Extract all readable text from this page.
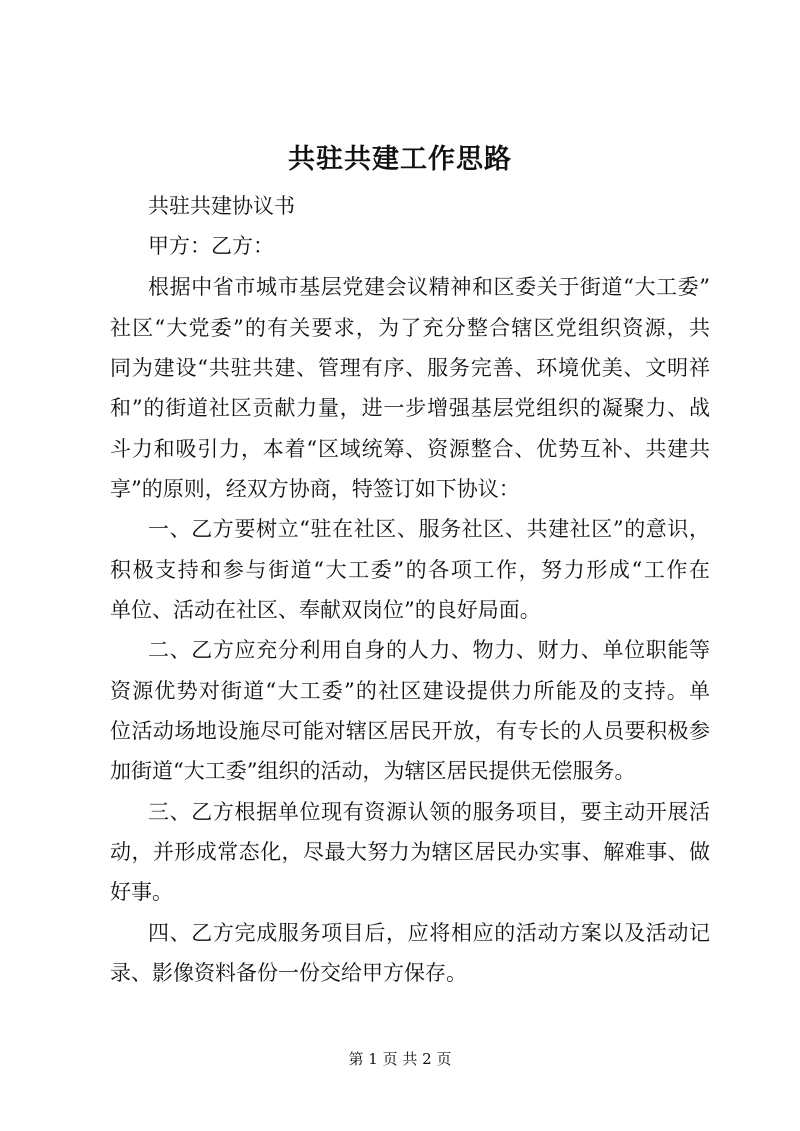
共驻共建工作思路
共驻共建协议书
甲方：乙方：
根据中省市城市基层党建会议精神和区委关于街道“大工委”
社区“大党委”的有关要求，为了充分整合辖区党组织资源，共
同为建设“共驻共建、管理有序、服务完善、环境优美、文明祥
和”的街道社区贡献力量，进一步增强基层党组织的凝聚力、战
斗力和吸引力，本着“区域统筹、资源整合、优势互补、共建共
享”的原则，经双方协商，特签订如下协议：
一、乙方要树立“驻在社区、服务社区、共建社区”的意识，
积极支持和参与街道“大工委”的各项工作，努力形成“工作在
单位、活动在社区、奉献双岗位”的良好局面。
二、乙方应充分利用自身的人力、物力、财力、单位职能等
资源优势对街道“大工委”的社区建设提供力所能及的支持。单
位活动场地设施尽可能对辖区居民开放，有专长的人员要积极参
加街道“大工委”组织的活动，为辖区居民提供无偿服务。
三、乙方根据单位现有资源认领的服务项目，要主动开展活
动，并形成常态化，尽最大努力为辖区居民办实事、解难事、做
好事。
四、乙方完成服务项目后，应将相应的活动方案以及活动记
录、影像资料备份一份交给甲方保存。
第 1 页 共 2 页
